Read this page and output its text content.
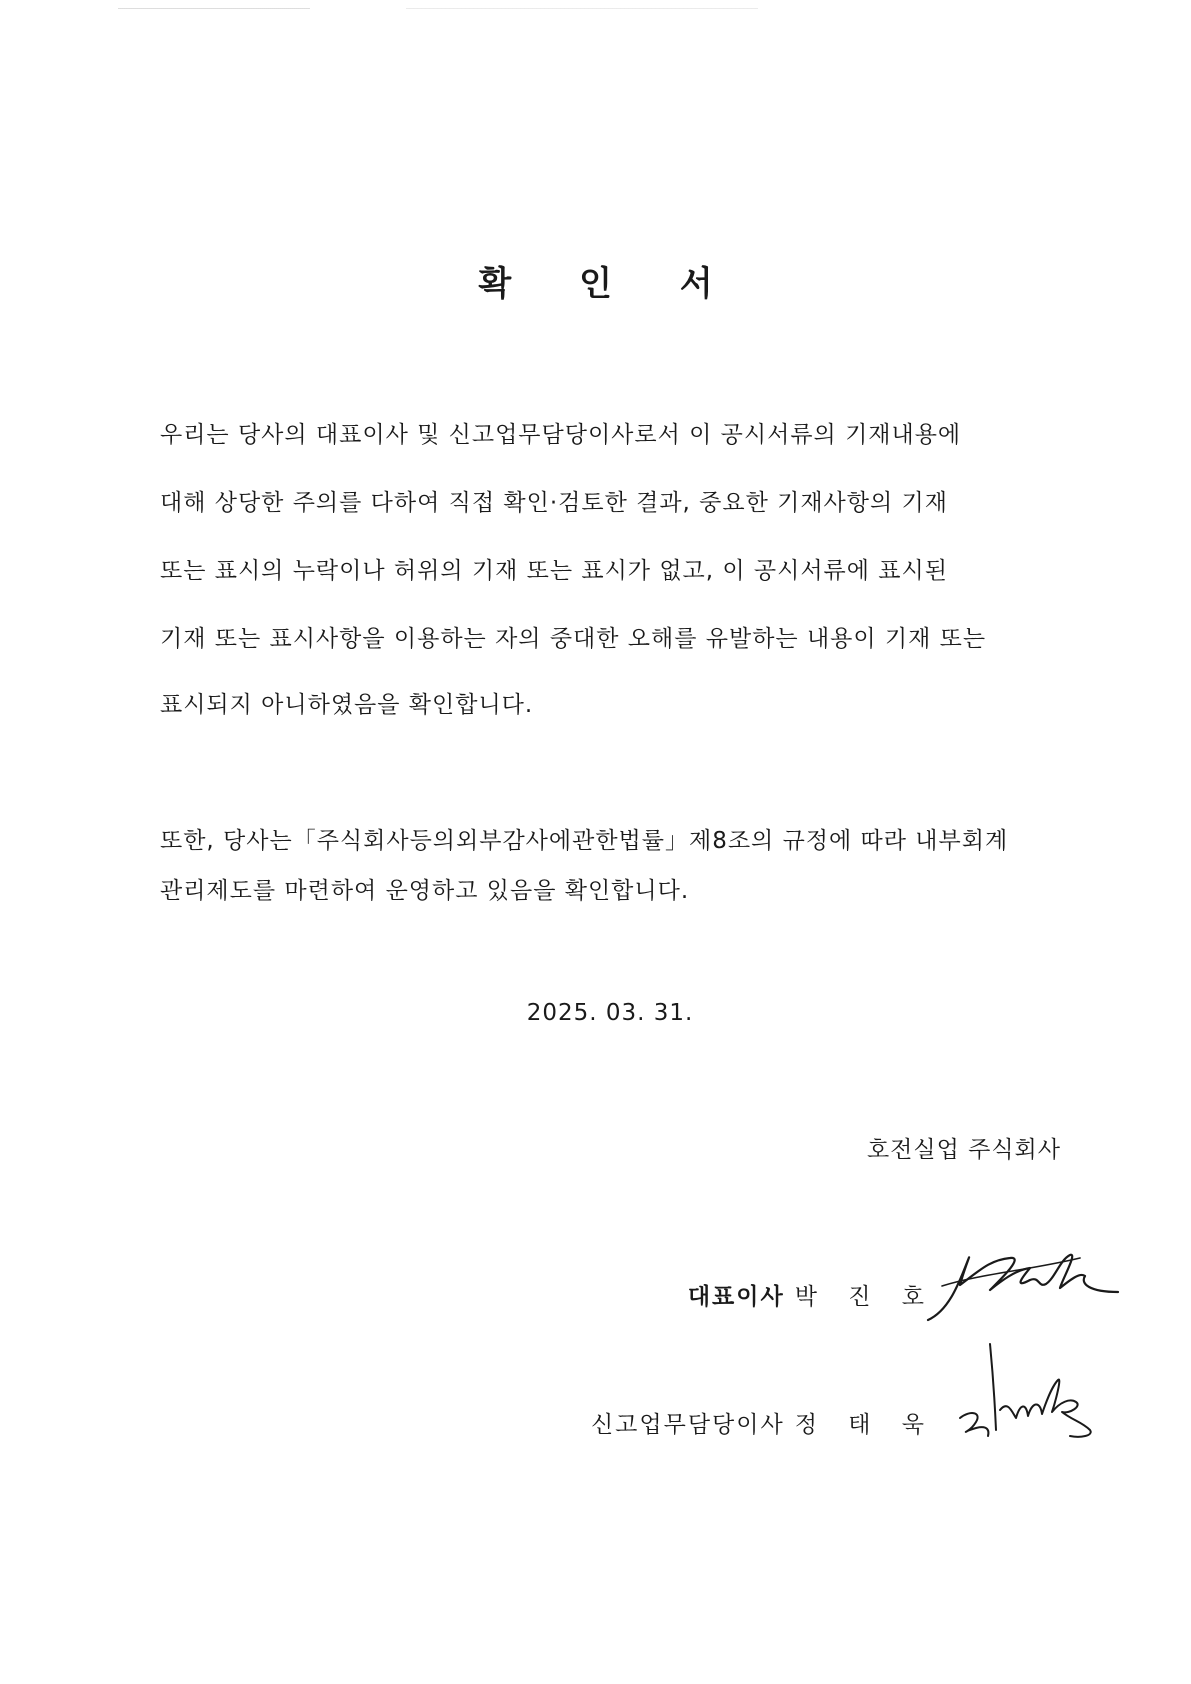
확 인 서
우리는 당사의 대표이사 및 신고업무담당이사로서 이 공시서류의 기재내용에
대해 상당한 주의를 다하여 직접 확인·검토한 결과, 중요한 기재사항의 기재
또는 표시의 누락이나 허위의 기재 또는 표시가 없고, 이 공시서류에 표시된
기재 또는 표시사항을 이용하는 자의 중대한 오해를 유발하는 내용이 기재 또는
표시되지 아니하였음을 확인합니다.
또한, 당사는「주식회사등의외부감사에관한법률」제8조의 규정에 따라 내부회계
관리제도를 마련하여 운영하고 있음을 확인합니다.
2025. 03. 31.
호전실업 주식회사
대표이사 박 진 호
신고업무담당이사 정 태 욱
